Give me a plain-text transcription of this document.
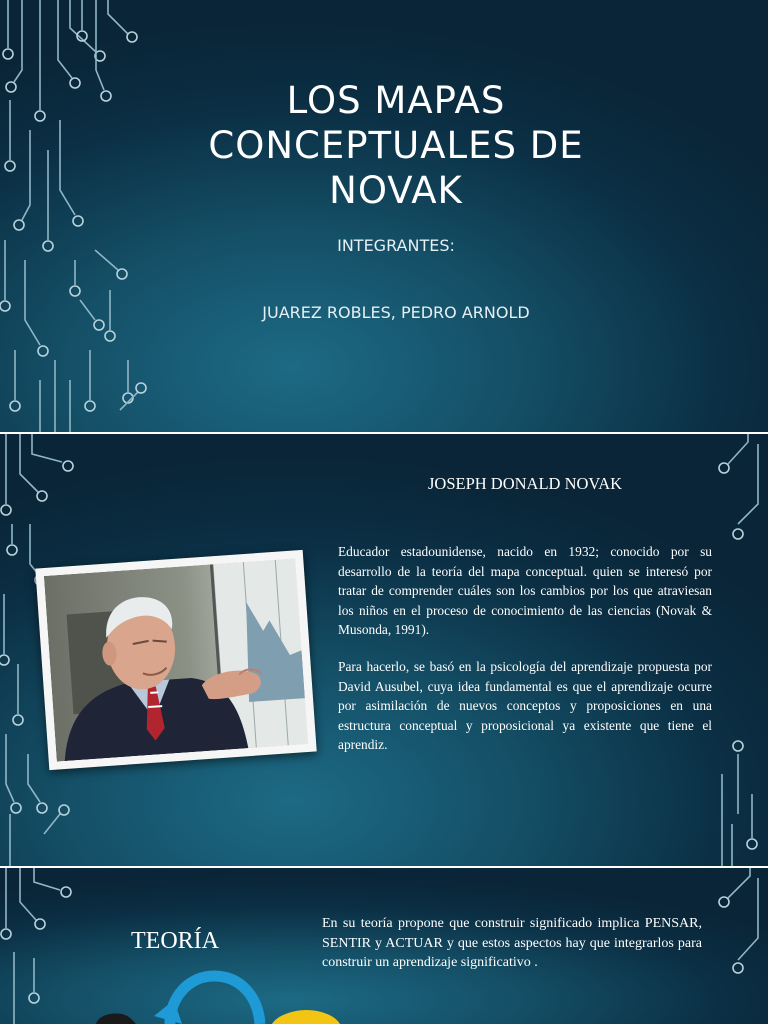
LOS MAPAS
CONCEPTUALES DE
NOVAK
INTEGRANTES:
JUAREZ ROBLES, PEDRO ARNOLD
JOSEPH DONALD NOVAK
Educador estadounidense, nacido en 1932; conocido por su desarrollo de la teoría del mapa conceptual. quien se interesó por tratar de comprender cuáles son los cambios por los que atraviesan los niños en el proceso de conocimiento de las ciencias (Novak & Musonda, 1991).
Para hacerlo, se basó en la psicología del aprendizaje propuesta por David Ausubel, cuya idea fundamental es que el aprendizaje ocurre por asimilación de nuevos conceptos y proposiciones en una estructura conceptual y proposicional ya existente que tiene el aprendiz.
TEORÍA
En su teoría propone que construir significado implica PENSAR, SENTIR y ACTUAR y que estos aspectos hay que integrarlos para construir un aprendizaje significativo .
